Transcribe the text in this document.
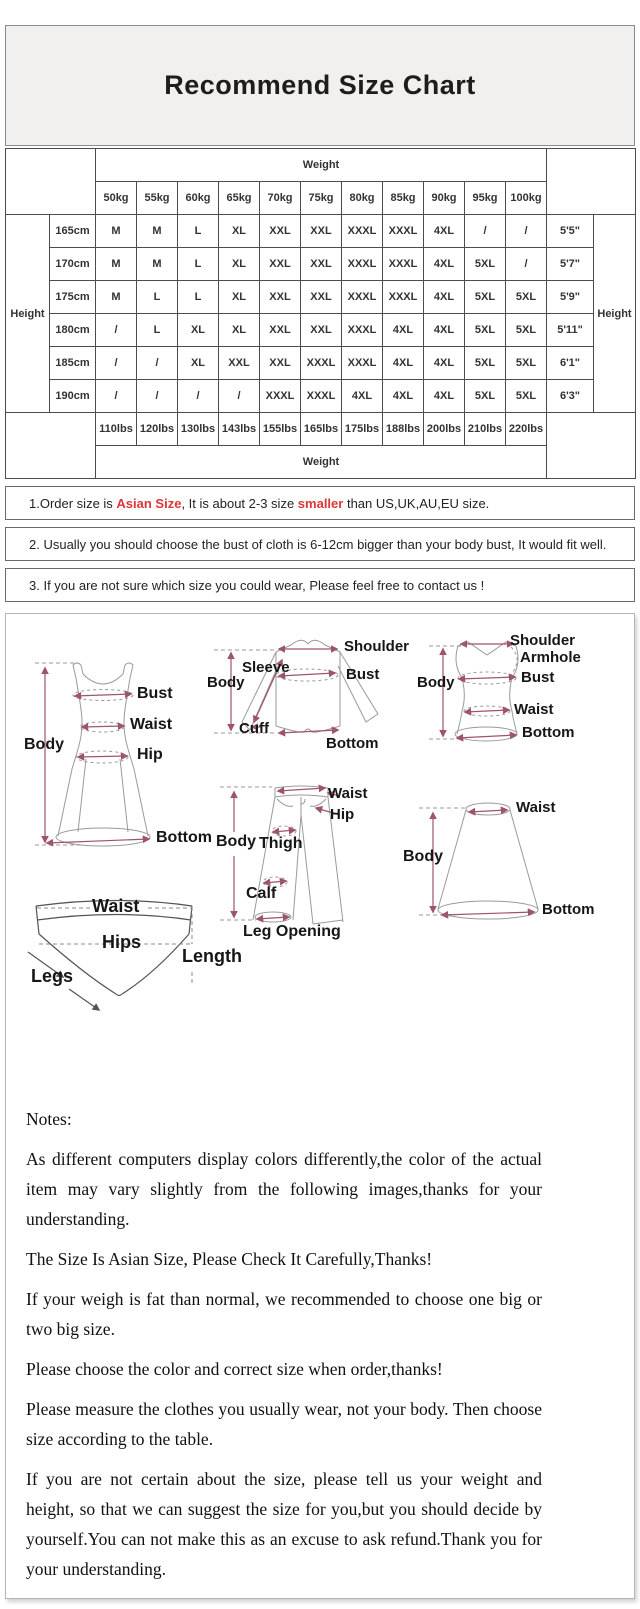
Recommend Size Chart
		Weight												
		50kg	55kg	60kg	65kg	70kg	75kg	80kg	85kg	90kg	95kg	100kg		
Height	165cm	M	M	L	XL	XXL	XXL	XXXL	XXXL	4XL	/	/	5'5"	Height
	170cm	M	M	L	XL	XXL	XXL	XXXL	XXXL	4XL	5XL	/	5'7"	
	175cm	M	L	L	XL	XXL	XXL	XXXL	XXXL	4XL	5XL	5XL	5'9"	
	180cm	/	L	XL	XL	XXL	XXL	XXXL	4XL	4XL	5XL	5XL	5'11"	
	185cm	/	/	XL	XXL	XXL	XXXL	XXXL	4XL	4XL	5XL	5XL	6'1"	
	190cm	/	/	/	/	XXXL	XXXL	4XL	4XL	4XL	5XL	5XL	6'3"	
		110lbs	120lbs	130lbs	143lbs	155lbs	165lbs	175lbs	188lbs	200lbs	210lbs	220lbs		
		Weight												
1.Order size is Asian Size, It is about 2-3 size smaller than US,UK,AU,EU size.
2. Usually you should choose the bust of cloth is 6-12cm bigger than your body bust, It would fit well.
3. If you are not sure which size you could wear, Please feel free to contact us !
Body
Bust
Waist
Hip
Bottom
Shoulder
Sleeve
Body	Bust
Cuff
Bottom
Shoulder
Armhole
Bust
Body
Waist
Bottom
Waist
Hip
Body Thigh
Calf
Leg Opening
Waist
Body
Bottom
Waist
Hips
Legs
Length

Notes:

As different computers display colors differently,the color of the actual item may vary slightly from the following images,thanks for your understanding.

The Size Is Asian Size, Please Check It Carefully,Thanks!

If your weigh is fat than normal, we recommended to choose one big or two big size.

Please choose the color and correct size when order,thanks!

Please measure the clothes you usually wear, not your body. Then choose size according to the table.

If you are not certain about the size, please tell us your weight and height, so that we can suggest the size for you,but you should decide by yourself.You can not make this as an excuse to ask refund.Thank you for your understanding.
